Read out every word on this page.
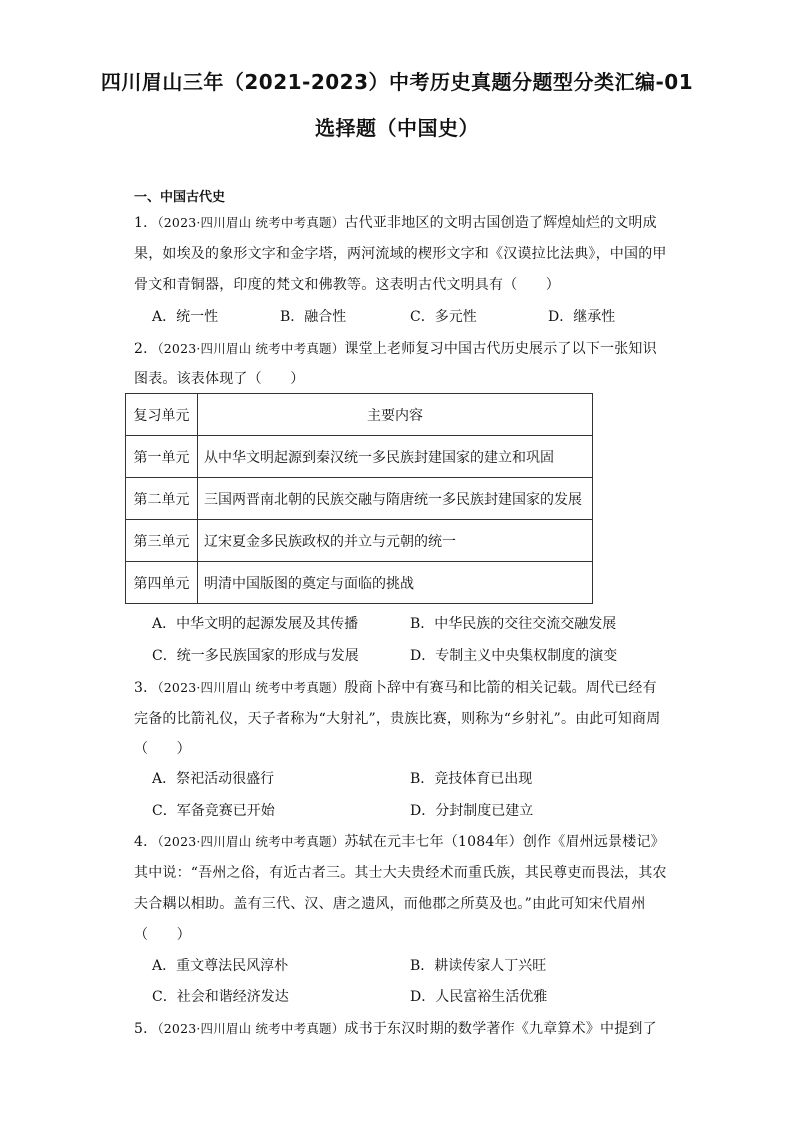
四川眉山三年（2021-2023）中考历史真题分题型分类汇编-01
选择题（中国史）
一、中国古代史
1．（2023·四川眉山 统考中考真题）古代亚非地区的文明古国创造了辉煌灿烂的文明成
果，如埃及的象形文字和金字塔，两河流域的楔形文字和《汉谟拉比法典》，中国的甲
骨文和青铜器，印度的梵文和佛教等。这表明古代文明具有（　　）
A．统一性	B．融合性	C．多元性	D．继承性
2．（2023·四川眉山 统考中考真题）课堂上老师复习中国古代历史展示了以下一张知识
图表。该表体现了（　　）
复习单元	主要内容
第一单元	从中华文明起源到秦汉统一多民族封建国家的建立和巩固
第二单元	三国两晋南北朝的民族交融与隋唐统一多民族封建国家的发展
第三单元	辽宋夏金多民族政权的并立与元朝的统一
第四单元	明清中国版图的奠定与面临的挑战
A．中华文明的起源发展及其传播	B．中华民族的交往交流交融发展
C．统一多民族国家的形成与发展	D．专制主义中央集权制度的演变
3．（2023·四川眉山 统考中考真题）殷商卜辞中有赛马和比箭的相关记载。周代已经有
完备的比箭礼仪，天子者称为“大射礼”，贵族比赛，则称为“乡射礼”。由此可知商周
（　　）
A．祭祀活动很盛行	B．竞技体育已出现
C．军备竞赛已开始	D．分封制度已建立
4．（2023·四川眉山 统考中考真题）苏轼在元丰七年（1084年）创作《眉州远景楼记》
其中说：“吾州之俗，有近古者三。其士大夫贵经术而重氏族，其民尊吏而畏法，其农
夫合耦以相助。盖有三代、汉、唐之遗风，而他郡之所莫及也。”由此可知宋代眉州
（　　）
A．重文尊法民风淳朴	B．耕读传家人丁兴旺
C．社会和谐经济发达	D．人民富裕生活优雅
5．（2023·四川眉山 统考中考真题）成书于东汉时期的数学著作《九章算术》中提到了
